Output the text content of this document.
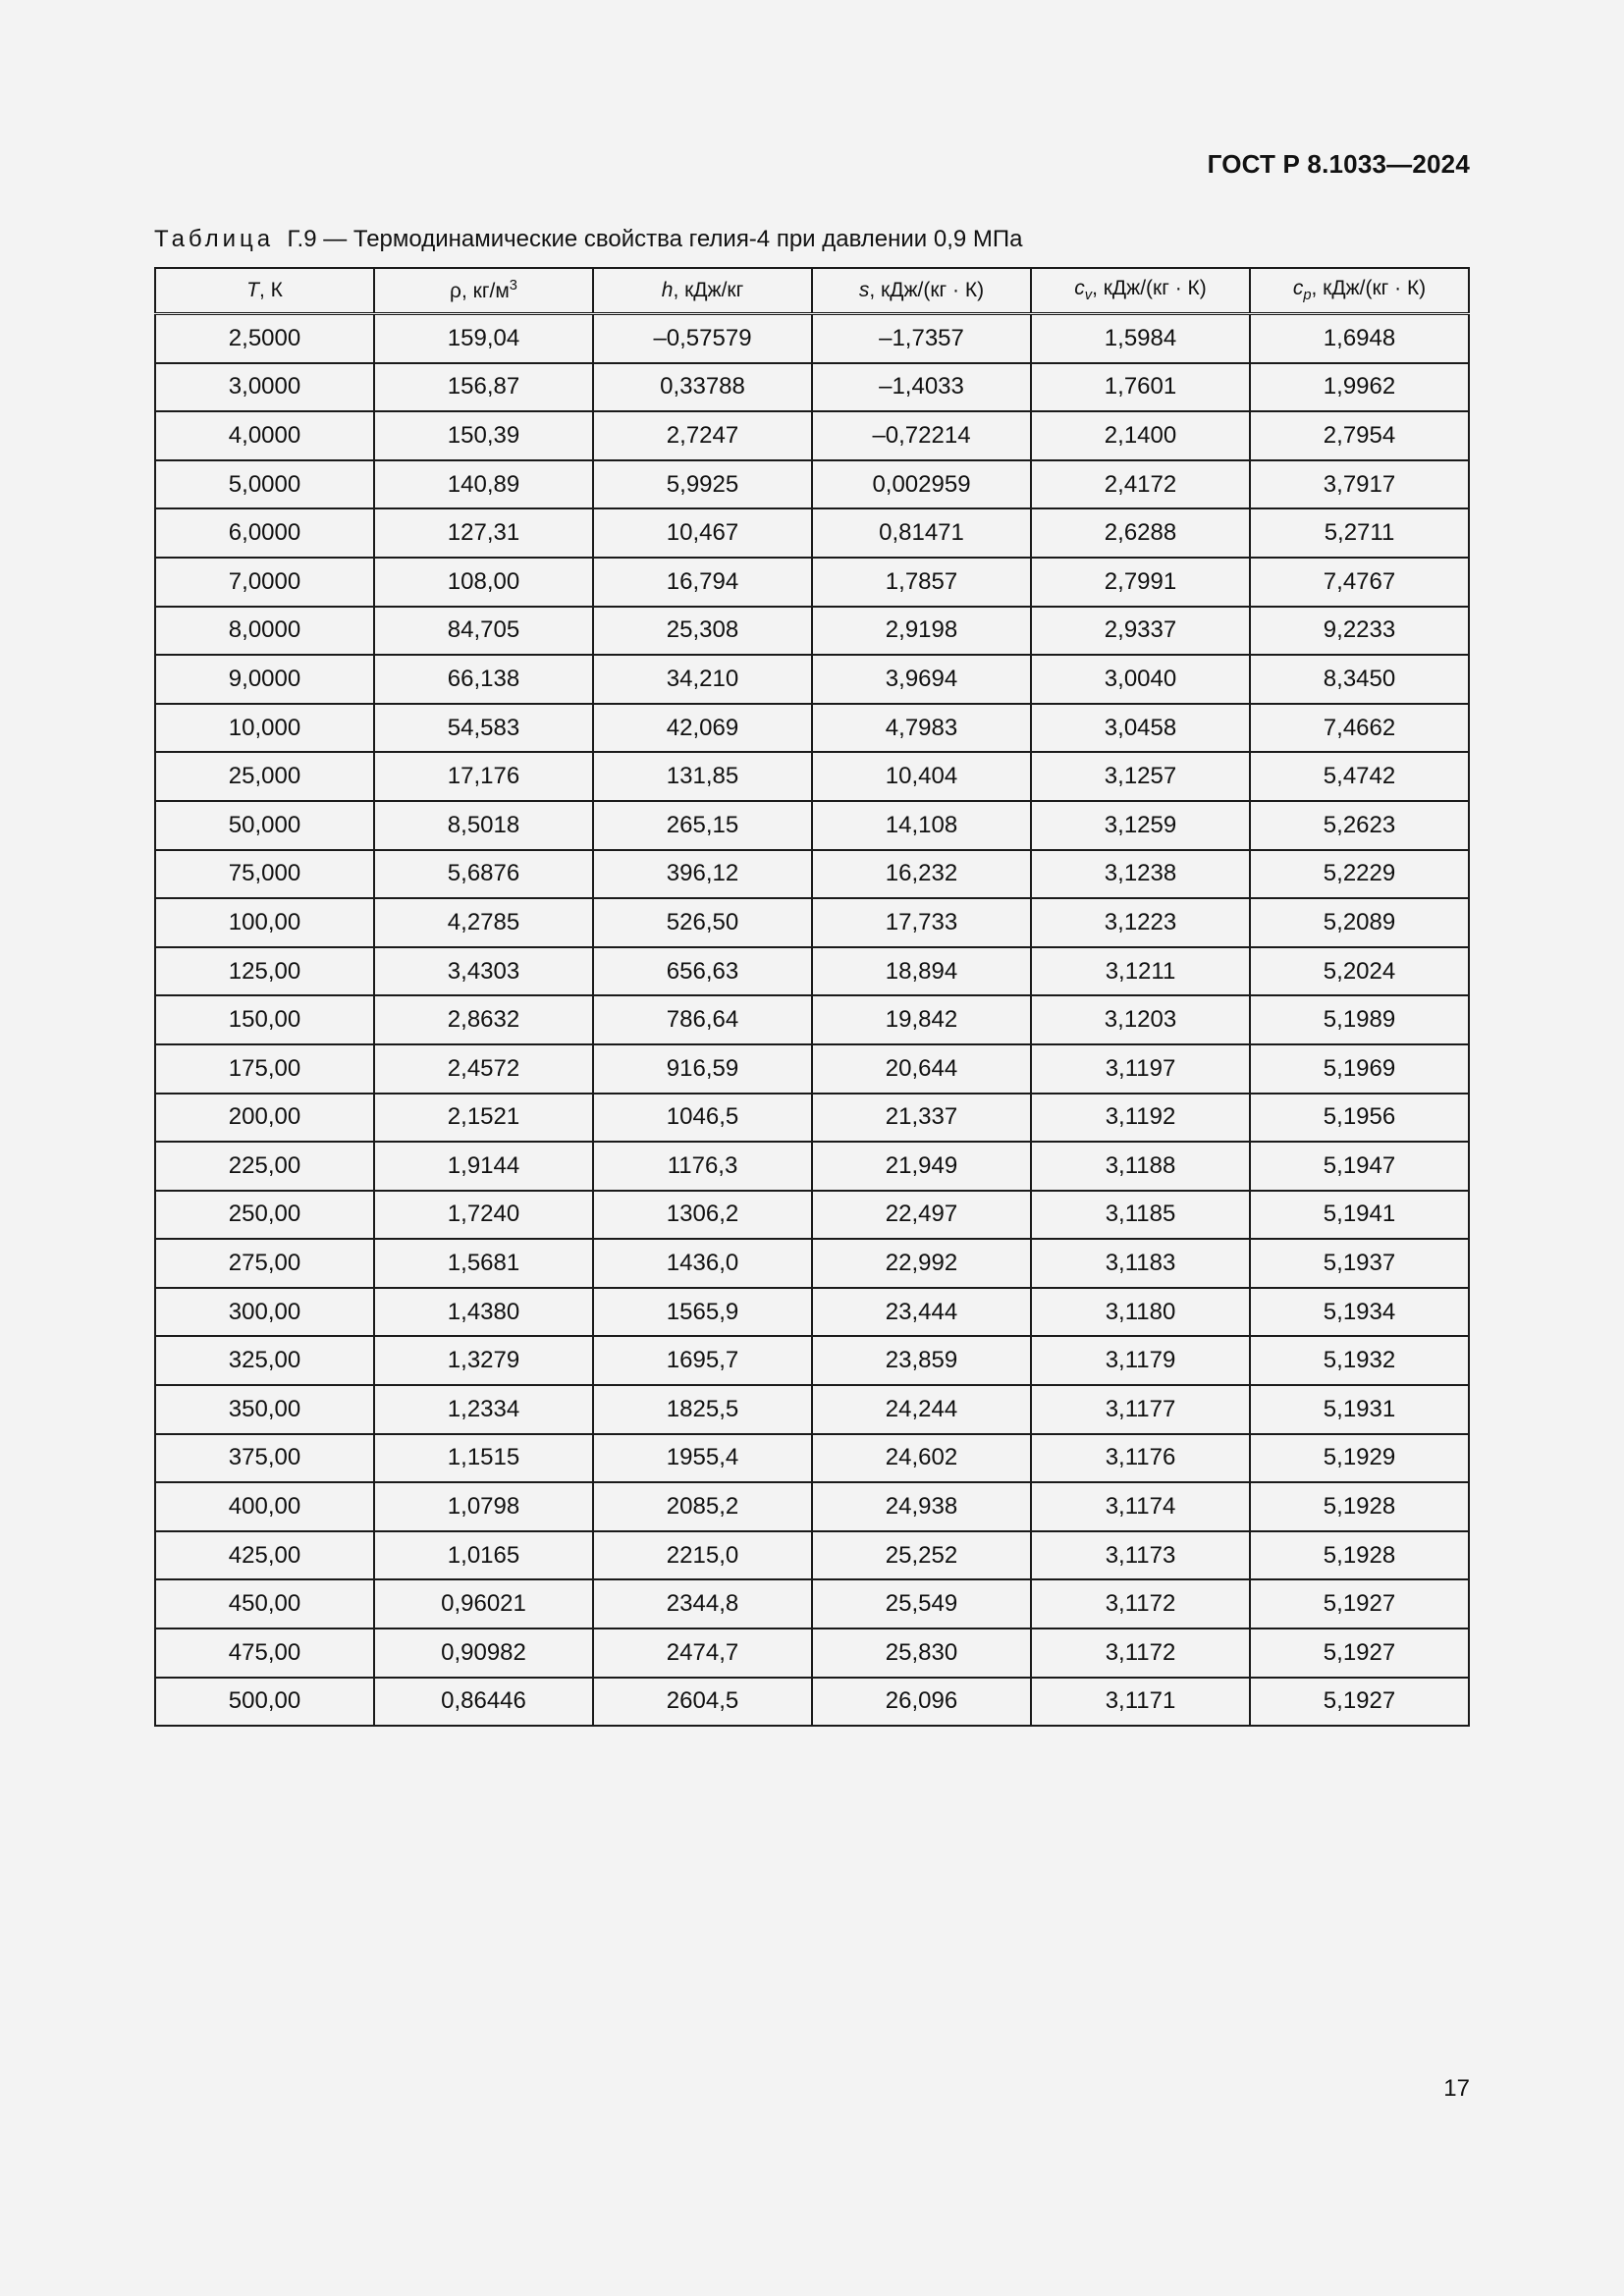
ГОСТ Р 8.1033—2024
Таблица Г.9 — Термодинамические свойства гелия-4 при давлении 0,9 МПа
T, К	ρ, $кг/м^3$	h, кДж/кг	s, кДж/(кг · К)	$c_v$, кДж/(кг · К)	$c_p$, кДж/(кг · К)
2,5000	159,04	–0,57579	–1,7357	1,5984	1,6948
3,0000	156,87	0,33788	–1,4033	1,7601	1,9962
4,0000	150,39	2,7247	–0,72214	2,1400	2,7954
5,0000	140,89	5,9925	0,002959	2,4172	3,7917
6,0000	127,31	10,467	0,81471	2,6288	5,2711
7,0000	108,00	16,794	1,7857	2,7991	7,4767
8,0000	84,705	25,308	2,9198	2,9337	9,2233
9,0000	66,138	34,210	3,9694	3,0040	8,3450
10,000	54,583	42,069	4,7983	3,0458	7,4662
25,000	17,176	131,85	10,404	3,1257	5,4742
50,000	8,5018	265,15	14,108	3,1259	5,2623
75,000	5,6876	396,12	16,232	3,1238	5,2229
100,00	4,2785	526,50	17,733	3,1223	5,2089
125,00	3,4303	656,63	18,894	3,1211	5,2024
150,00	2,8632	786,64	19,842	3,1203	5,1989
175,00	2,4572	916,59	20,644	3,1197	5,1969
200,00	2,1521	1046,5	21,337	3,1192	5,1956
225,00	1,9144	1176,3	21,949	3,1188	5,1947
250,00	1,7240	1306,2	22,497	3,1185	5,1941
275,00	1,5681	1436,0	22,992	3,1183	5,1937
300,00	1,4380	1565,9	23,444	3,1180	5,1934
325,00	1,3279	1695,7	23,859	3,1179	5,1932
350,00	1,2334	1825,5	24,244	3,1177	5,1931
375,00	1,1515	1955,4	24,602	3,1176	5,1929
400,00	1,0798	2085,2	24,938	3,1174	5,1928
425,00	1,0165	2215,0	25,252	3,1173	5,1928
450,00	0,96021	2344,8	25,549	3,1172	5,1927
475,00	0,90982	2474,7	25,830	3,1172	5,1927
500,00	0,86446	2604,5	26,096	3,1171	5,1927
17
